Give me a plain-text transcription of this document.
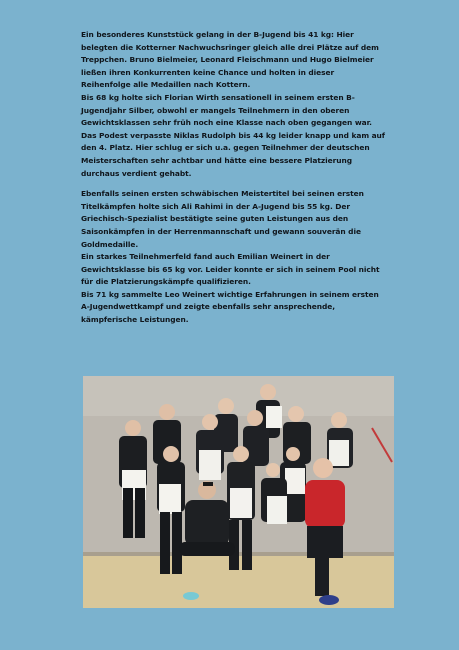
Ein besonderes Kunststück gelang in der B-Jugend bis 41 kg: Hier belegten die Kotterner Nachwuchsringer gleich alle drei Plätze auf dem Treppchen. Bruno Bielmeier, Leonard Fleischmann und Hugo Bielmeier ließen ihren Konkurrenten keine Chance und holten in dieser Reihenfolge alle Medaillen nach Kottern.

Bis 68 kg holte sich Florian Wirth sensationell in seinem ersten B-Jugendjahr Silber, obwohl er mangels Teilnehmern in den oberen Gewichtsklassen sehr früh noch eine Klasse nach oben gegangen war.

Das Podest verpasste Niklas Rudolph bis 44 kg leider knapp und kam auf den 4. Platz. Hier schlug er sich u.a. gegen Teilnehmer der deutschen Meisterschaften sehr achtbar und hätte eine bessere Platzierung durchaus verdient gehabt.

Ebenfalls seinen ersten schwäbischen Meistertitel bei seinen ersten Titelkämpfen holte sich Ali Rahimi in der A-Jugend bis 55 kg. Der Griechisch-Spezialist bestätigte seine guten Leistungen aus den Saisonkämpfen in der Herrenmannschaft und gewann souverän die Goldmedaille.

Ein starkes Teilnehmerfeld fand auch Emilian Weinert in der Gewichtsklasse bis 65 kg vor. Leider konnte er sich in seinem Pool nicht für die Platzierungskämpfe qualifizieren.

Bis 71 kg sammelte Leo Weinert wichtige Erfahrungen in seinem ersten A-Jugendwettkampf und zeigte ebenfalls sehr ansprechende, kämpferische Leistungen.
